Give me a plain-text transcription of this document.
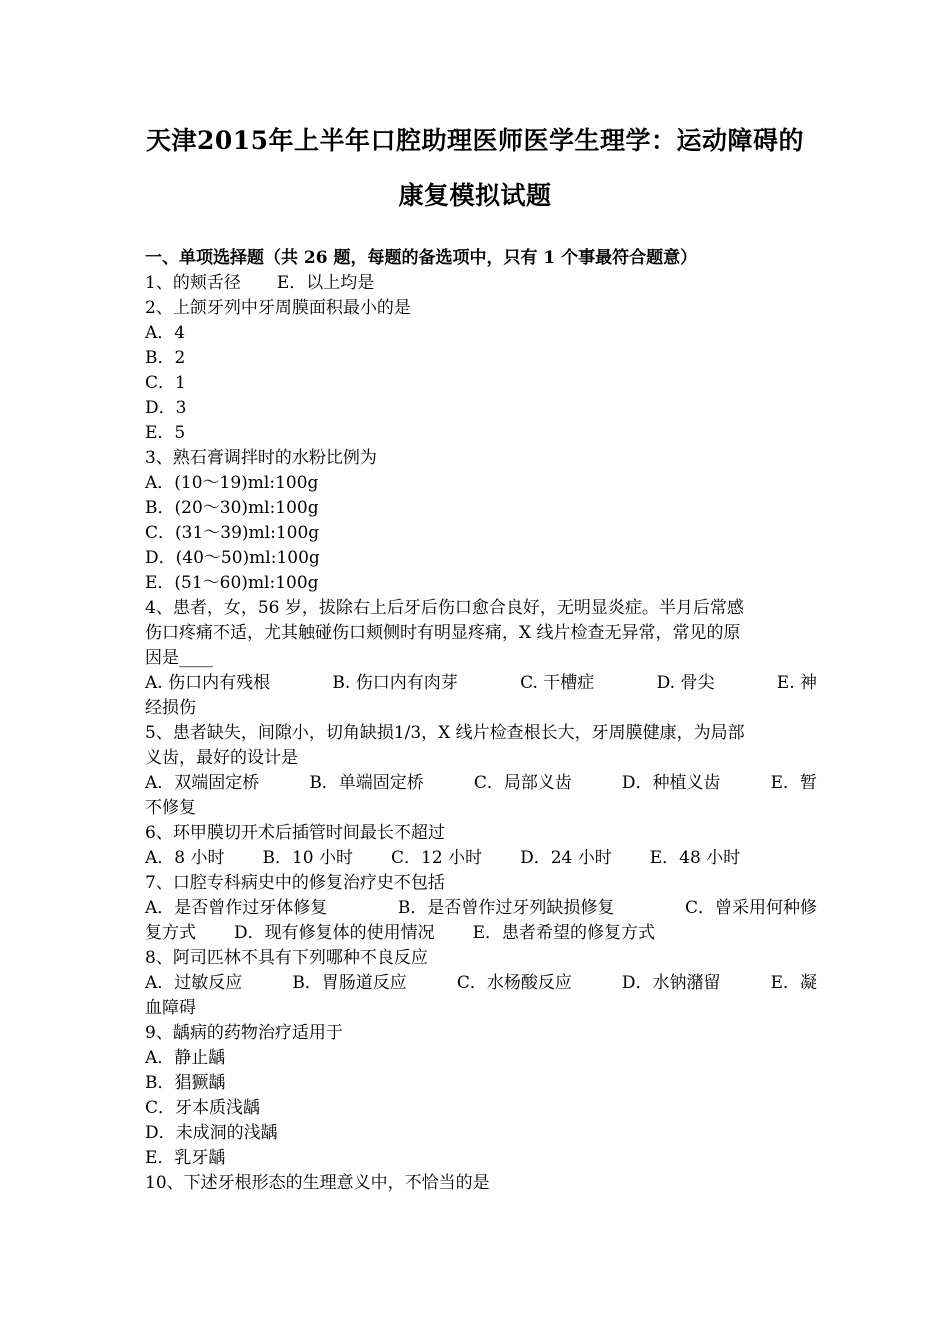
天津2015年上半年口腔助理医师医学生理学：运动障碍的
康复模拟试题
一、单项选择题（共 26 题，每题的备选项中，只有 1 个事最符合题意）
1、的颊舌径 E．以上均是
2、上颌牙列中牙周膜面积最小的是
A．4
B．2
C．1
D．3
E．5
3、熟石膏调拌时的水粉比例为
A．(10～19)ml:100g
B．(20～30)ml:100g
C．(31～39)ml:100g
D．(40～50)ml:100g
E．(51～60)ml:100g
4、患者，女，56 岁，拔除右上后牙后伤口愈合良好，无明显炎症。半月后常感
伤口疼痛不适，尤其触碰伤口颊侧时有明显疼痛，X 线片检查无异常，常见的原
因是____
A. 伤口内有残根	B. 伤口内有肉芽	C. 干槽症	D. 骨尖	E. 神
经损伤
5、患者缺失，间隙小，切角缺损1/3，X 线片检查根长大，牙周膜健康，为局部
义齿，最好的设计是
A．双端固定桥	B．单端固定桥	C．局部义齿	D．种植义齿	E．暂
不修复
6、环甲膜切开术后插管时间最长不超过
A．8 小时 B．10 小时 C．12 小时 D．24 小时 E．48 小时
7、口腔专科病史中的修复治疗史不包括
A．是否曾作过牙体修复	B．是否曾作过牙列缺损修复	C．曾采用何种修
复方式 D．现有修复体的使用情况 E．患者希望的修复方式
8、阿司匹林不具有下列哪种不良反应
A．过敏反应	B．胃肠道反应	C．水杨酸反应	D．水钠潴留	E．凝
血障碍
9、龋病的药物治疗适用于
A．静止龋
B．猖獗龋
C．牙本质浅龋
D．未成洞的浅龋
E．乳牙龋
10、下述牙根形态的生理意义中，不恰当的是
